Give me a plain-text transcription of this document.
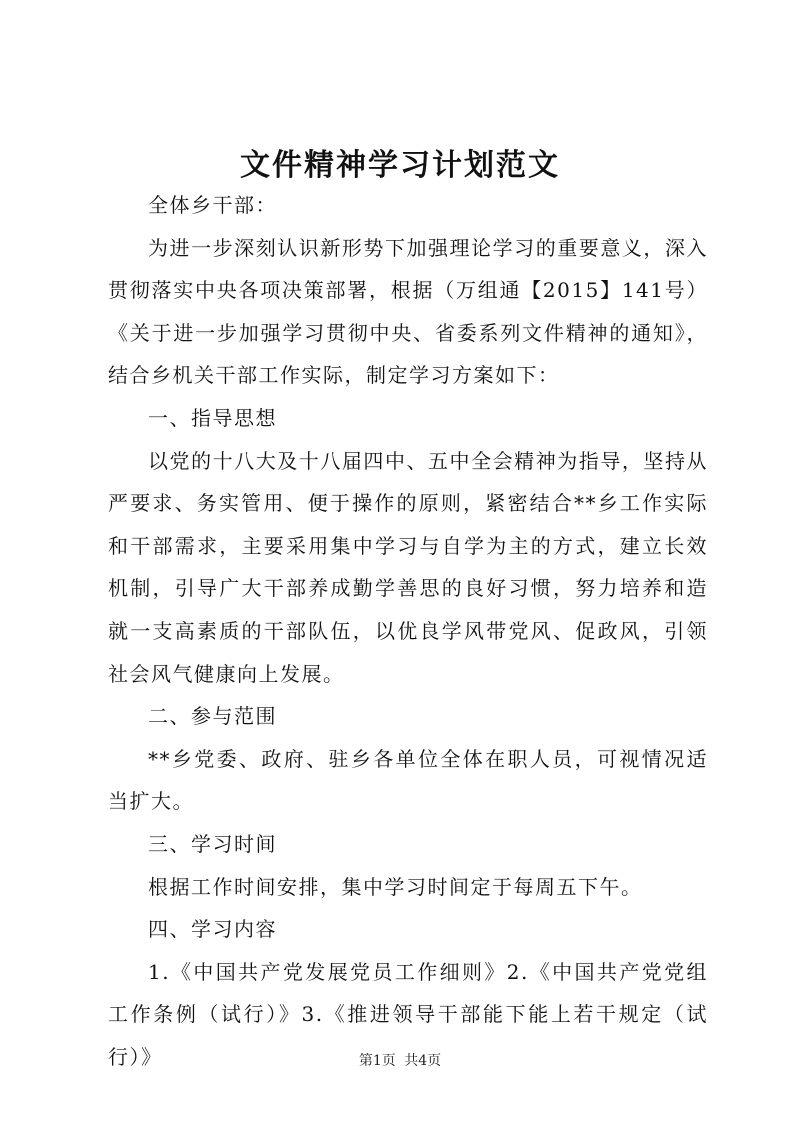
文件精神学习计划范文

全体乡干部：

为进一步深刻认识新形势下加强理论学习的重要意义，深入贯彻落实中央各项决策部署，根据（万组通【2015】141号）《关于进一步加强学习贯彻中央、省委系列文件精神的通知》，结合乡机关干部工作实际，制定学习方案如下：

一、指导思想

以党的十八大及十八届四中、五中全会精神为指导，坚持从严要求、务实管用、便于操作的原则，紧密结合**乡工作实际和干部需求，主要采用集中学习与自学为主的方式，建立长效机制，引导广大干部养成勤学善思的良好习惯，努力培养和造就一支高素质的干部队伍，以优良学风带党风、促政风，引领社会风气健康向上发展。

二、参与范围

**乡党委、政府、驻乡各单位全体在职人员，可视情况适当扩大。

三、学习时间

根据工作时间安排，集中学习时间定于每周五下午。

四、学习内容

1.《中国共产党发展党员工作细则》2.《中国共产党党组工作条例（试行）》3.《推进领导干部能下能上若干规定（试行）》	第1页 共4页
